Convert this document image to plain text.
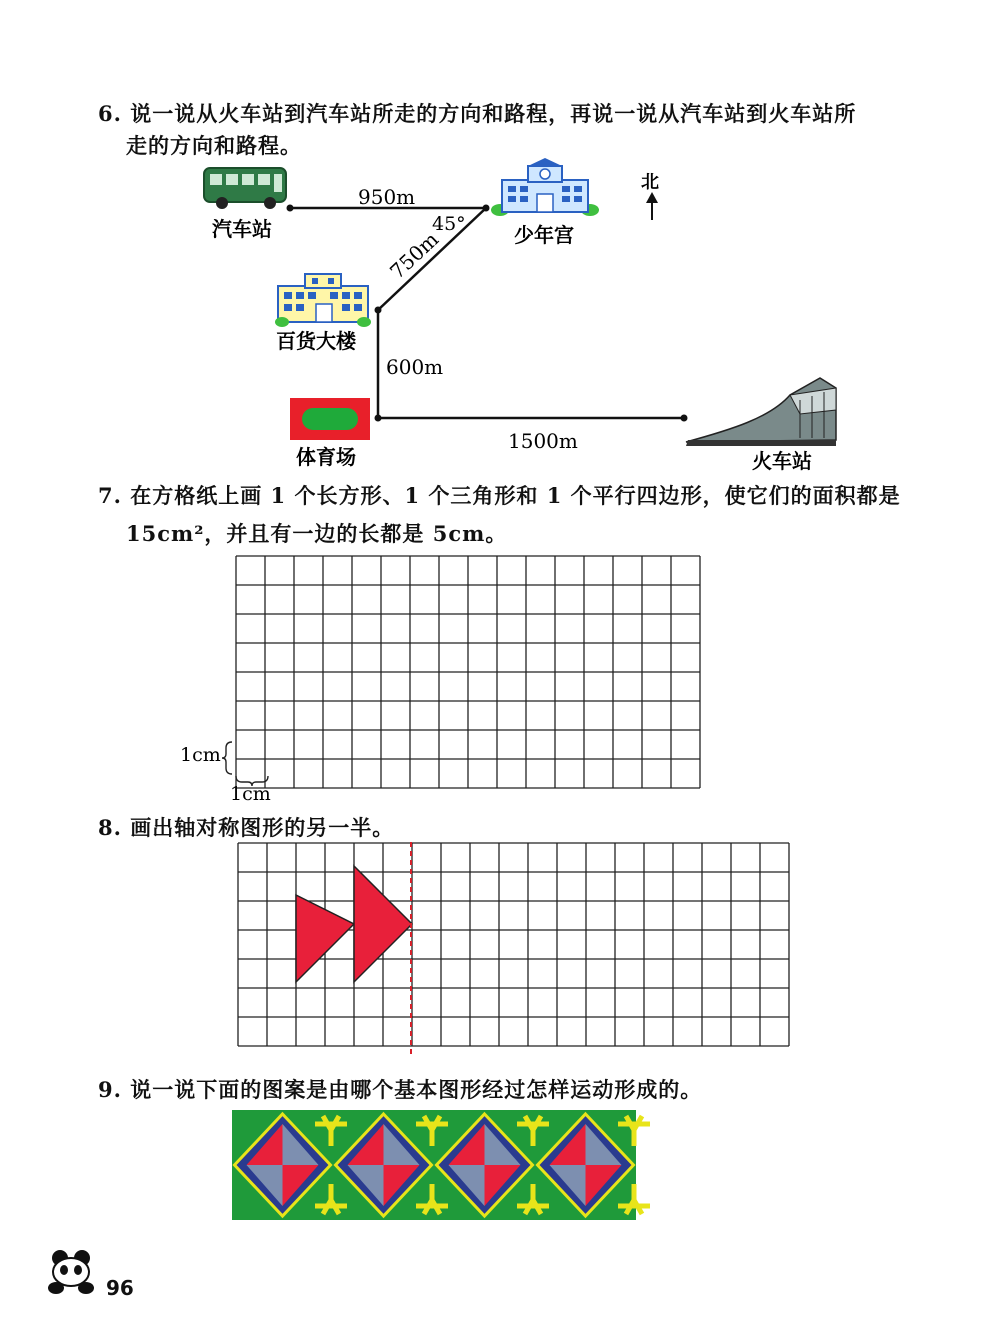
6. 说一说从火车站到汽车站所走的方向和路程，再说一说从汽车站到火车站所
走的方向和路程。
汽车站	少年宫
百货大楼
体育场	火车站
北
950m
750m
600m
1500m
45°
7. 在方格纸上画 1 个长方形、1 个三角形和 1 个平行四边形，使它们的面积都是
15cm²，并且有一边的长都是 5cm。
1cm
1cm
8. 画出轴对称图形的另一半。
9. 说一说下面的图案是由哪个基本图形经过怎样运动形成的。
96
